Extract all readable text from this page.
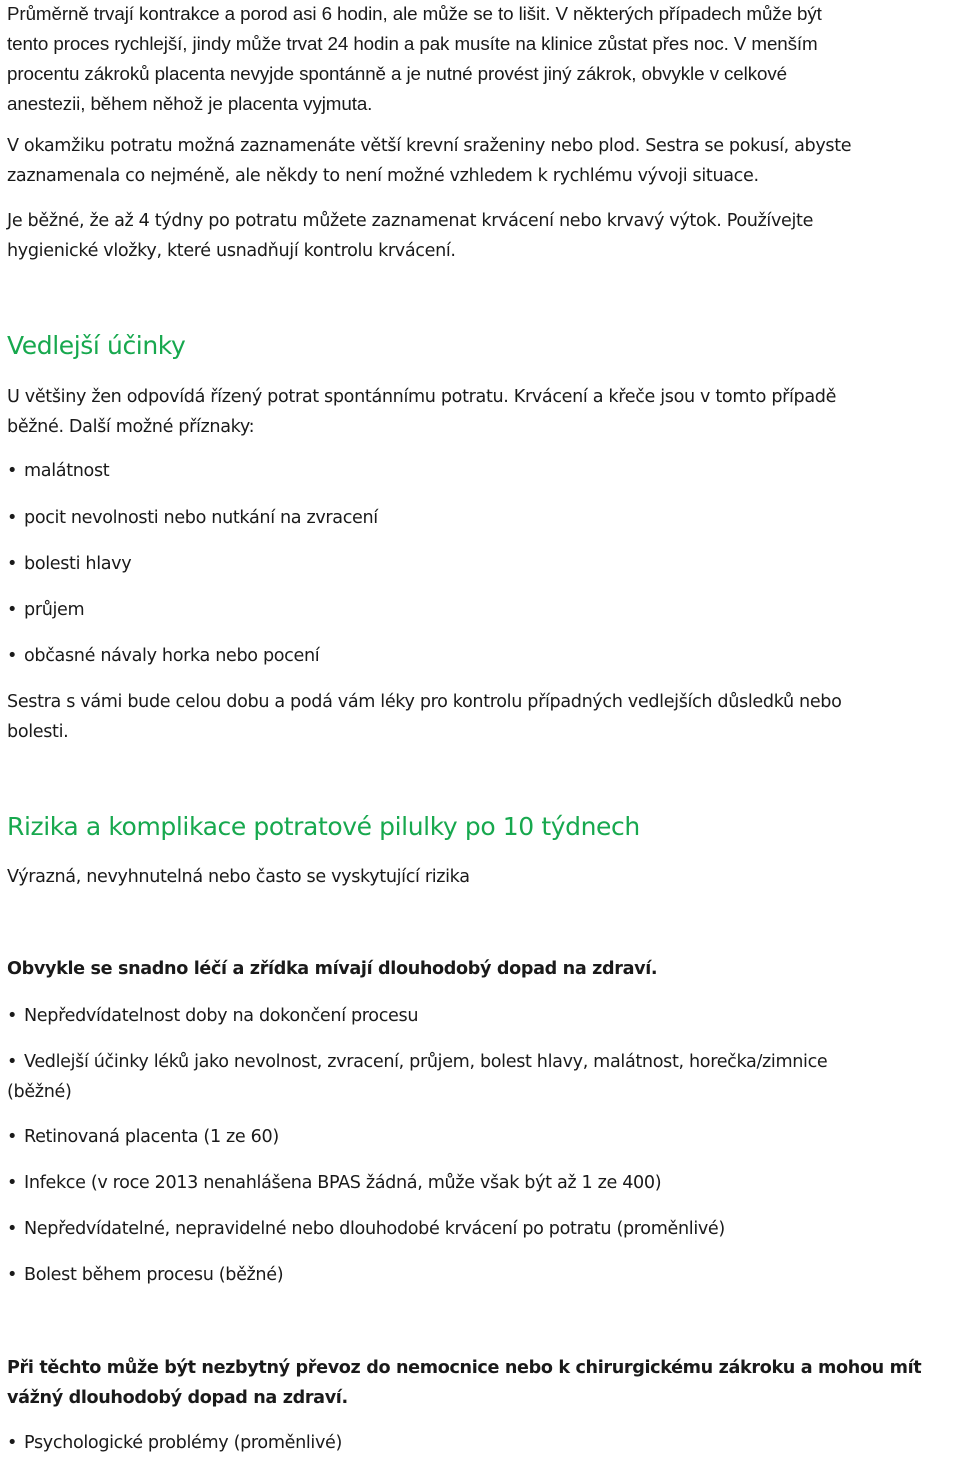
Průměrně trvají kontrakce a porod asi 6 hodin, ale může se to lišit. V některých případech může být
tento proces rychlejší, jindy může trvat 24 hodin a pak musíte na klinice zůstat přes noc. V menším
procentu zákroků placenta nevyjde spontánně a je nutné provést jiný zákrok, obvykle v celkové
anestezii, během něhož je placenta vyjmuta.

V okamžiku potratu možná zaznamenáte větší krevní sraženiny nebo plod. Sestra se pokusí, abyste
zaznamenala co nejméně, ale někdy to není možné vzhledem k rychlému vývoji situace.

Je běžné, že až 4 týdny po potratu můžete zaznamenat krvácení nebo krvavý výtok. Používejte
hygienické vložky, které usnadňují kontrolu krvácení.

Vedlejší účinky

U většiny žen odpovídá řízený potrat spontánnímu potratu. Krvácení a křeče jsou v tomto případě
běžné. Další možné příznaky:

• malátnost

• pocit nevolnosti nebo nutkání na zvracení

• bolesti hlavy

• průjem

• občasné návaly horka nebo pocení

Sestra s vámi bude celou dobu a podá vám léky pro kontrolu případných vedlejších důsledků nebo
bolesti.

Rizika a komplikace potratové pilulky po 10 týdnech

Výrazná, nevyhnutelná nebo často se vyskytující rizika

Obvykle se snadno léčí a zřídka mívají dlouhodobý dopad na zdraví.

• Nepředvídatelnost doby na dokončení procesu

• Vedlejší účinky léků jako nevolnost, zvracení, průjem, bolest hlavy, malátnost, horečka/zimnice
(běžné)

• Retinovaná placenta (1 ze 60)

• Infekce (v roce 2013 nenahlášena BPAS žádná, může však být až 1 ze 400)

• Nepředvídatelné, nepravidelné nebo dlouhodobé krvácení po potratu (proměnlivé)

• Bolest během procesu (běžné)

Při těchto může být nezbytný převoz do nemocnice nebo k chirurgickému zákroku a mohou mít
vážný dlouhodobý dopad na zdraví.

• Psychologické problémy (proměnlivé)
